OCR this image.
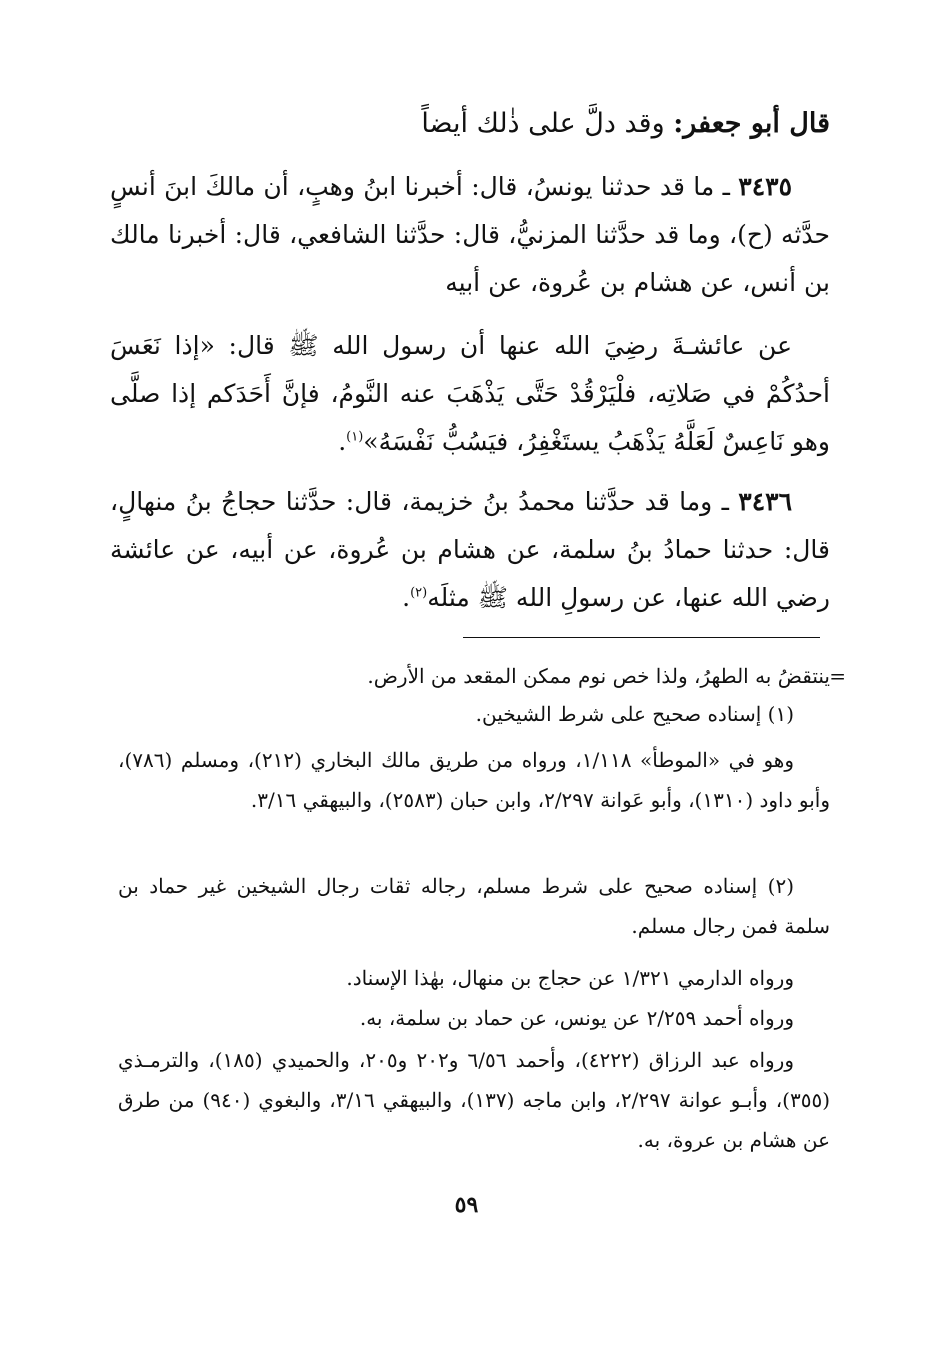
قال أبو جعفر: وقد دلَّ على ذٰلك أيضاً
٣٤٣٥ ـ ما قد حدثنا يونسُ، قال: أخبرنا ابنُ وهبٍ، أن مالكَ ابنَ أنسٍ حدَّثه (ح)، وما قد حدَّثنا المزنيُّ، قال: حدَّثنا الشافعي، قال: أخبرنا مالك بن أنس، عن هشام بن عُروة، عن أبيه
عن عائشـةَ رضِيَ الله عنها أن رسول الله ﷺ قال: «إذا نَعَسَ أحدُكُمْ في صَلاتِه، فلْيَرْقُدْ حَتَّى يَذْهَبَ عنه النَّومُ، فإنَّ أَحَدَكم إذا صلَّى وهو نَاعِسٌ لَعَلَّهُ يَذْهَبُ يستَغْفِرُ، فيَسُبُّ نَفْسَهُ»$^{(١)}$.
٣٤٣٦ ـ وما قد حدَّثنا محمدُ بنُ خزيمة، قال: حدَّثنا حجاجُ بنُ منهالٍ، قال: حدثنا حمادُ بنُ سلمة، عن هشام بن عُروة، عن أبيه، عن عائشة رضي الله عنها، عن رسولِ الله ﷺ مثلَه$^{(٢)}$.
=

ينتقضُ به الطهرُ، ولذا خص نوم ممكن المقعد من الأرض.

(١) إسناده صحيح على شرط الشيخين.

وهو في «الموطأ» ١/١١٨، ورواه من طريق مالك البخاري (٢١٢)، ومسلم (٧٨٦)، وأبو داود (١٣١٠)، وأبو عَوانة ٢/٢٩٧، وابن حبان (٢٥٨٣)، والبيهقي ٣/١٦.

(٢) إسناده صحيح على شرط مسلم، رجاله ثقات رجال الشيخين غير حماد بن سلمة فمن رجال مسلم.

ورواه الدارمي ١/٣٢١ عن حجاج بن منهال، بهٰذا الإسناد.

ورواه أحمد ٢/٢٥٩ عن يونس، عن حماد بن سلمة، به.

ورواه عبد الرزاق (٤٢٢٢)، وأحمد ٦/٥٦ و٢٠٢ و٢٠٥، والحميدي (١٨٥)، والترمـذي (٣٥٥)، وأبـو عوانة ٢/٢٩٧، وابن ماجه (١٣٧)، والبيهقي ٣/١٦، والبغوي (٩٤٠) من طرق عن هشام بن عروة، به.

٥٩
